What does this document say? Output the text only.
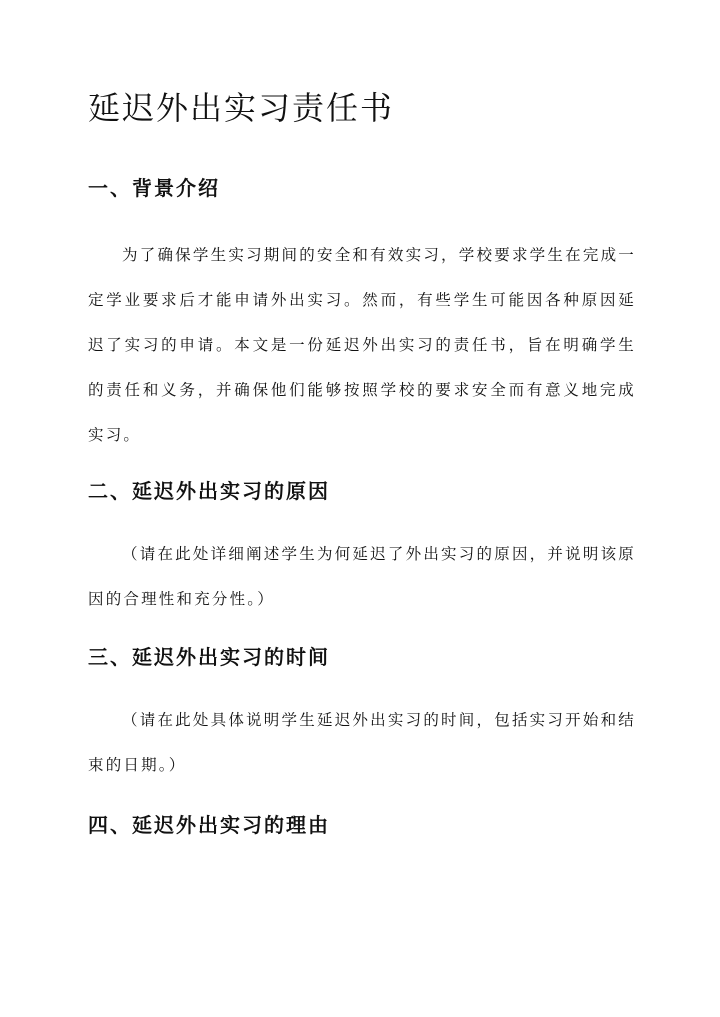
延迟外出实习责任书
一、背景介绍

为了确保学生实习期间的安全和有效实习，学校要求学生在完成一定学业要求后才能申请外出实习。然而，有些学生可能因各种原因延迟了实习的申请。本文是一份延迟外出实习的责任书，旨在明确学生的责任和义务，并确保他们能够按照学校的要求安全而有意义地完成实习。

二、延迟外出实习的原因

（请在此处详细阐述学生为何延迟了外出实习的原因，并说明该原因的合理性和充分性。）

三、延迟外出实习的时间

（请在此处具体说明学生延迟外出实习的时间，包括实习开始和结束的日期。）

四、延迟外出实习的理由
